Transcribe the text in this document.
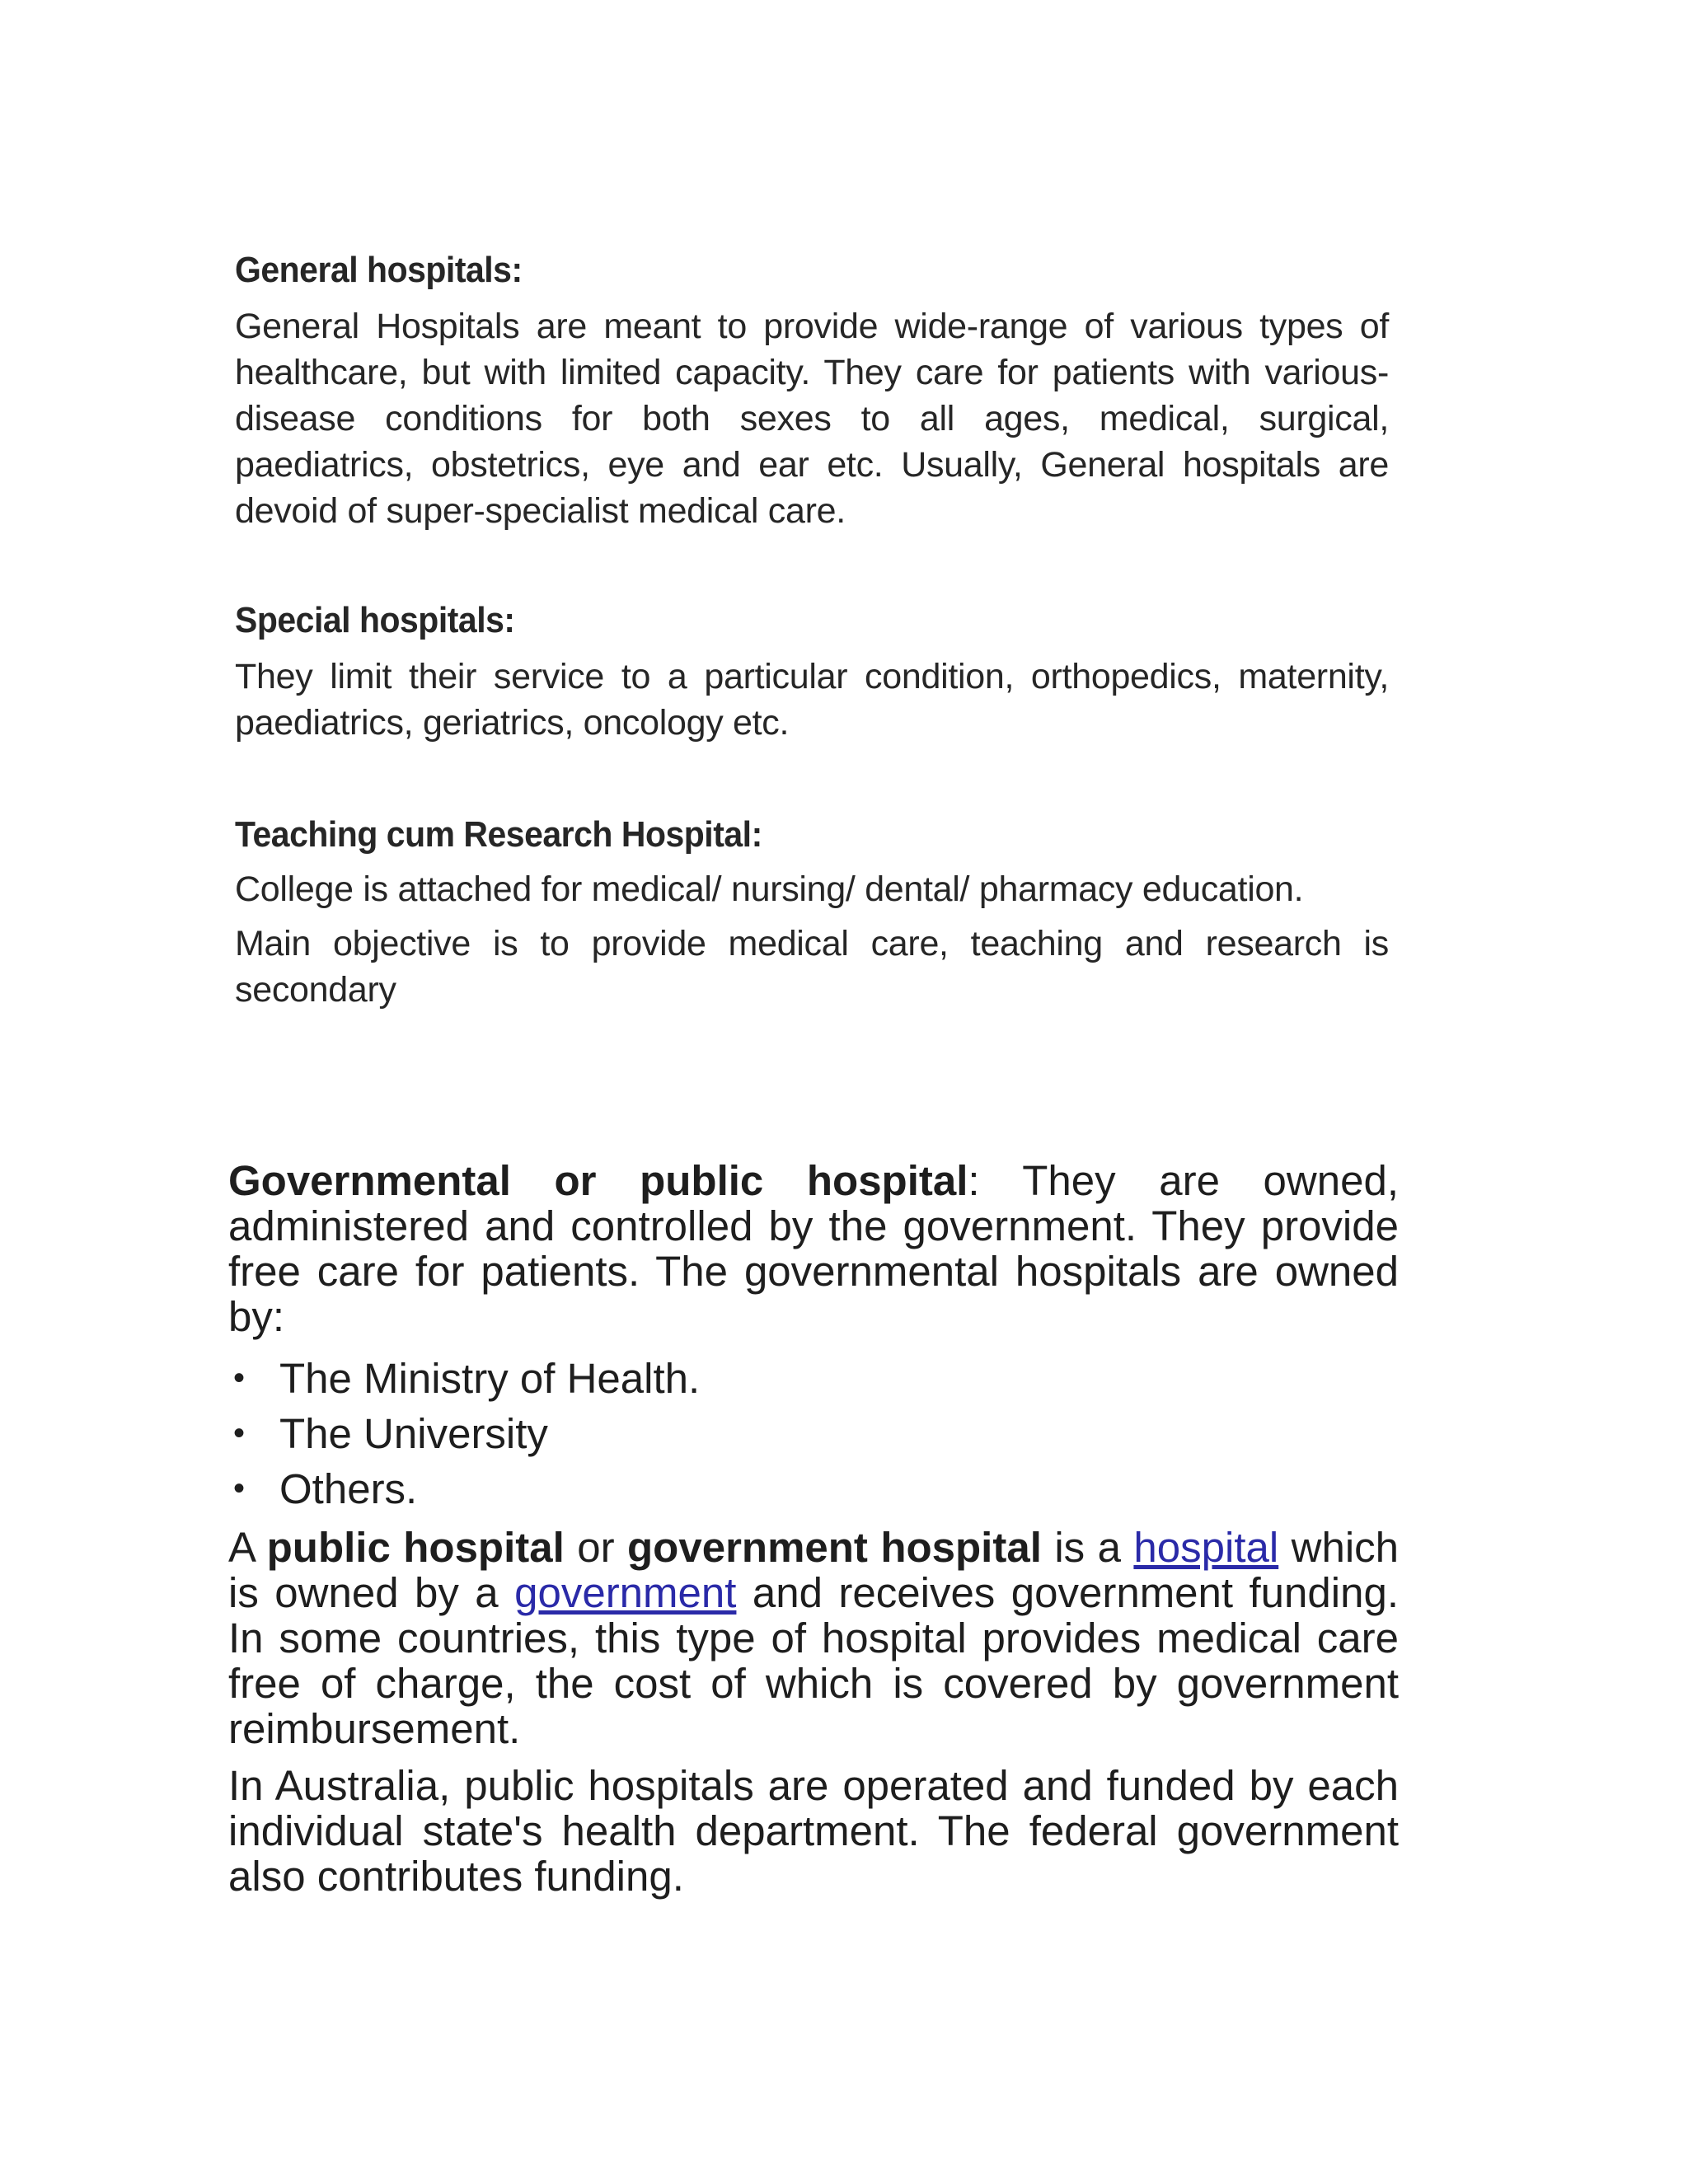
General hospitals:

General Hospitals are meant to provide wide-range of various types of healthcare, but with limited capacity. They care for patients with various-disease conditions for both sexes to all ages, medical, surgical, paediatrics, obstetrics, eye and ear etc. Usually, General hospitals are devoid of super-specialist medical care.

Special hospitals:

They limit their service to a particular condition, orthopedics, maternity, paediatrics, geriatrics, oncology etc.

Teaching cum Research Hospital:

College is attached for medical/ nursing/ dental/ pharmacy education.

Main objective is to provide medical care, teaching and research is secondary

Governmental or public hospital: They are owned, administered and controlled by the government. They provide free care for patients. The governmental hospitals are owned by:

• The Ministry of Health.
• The University
• Others.

A public hospital or government hospital is a hospital which is owned by a government and receives government funding. In some countries, this type of hospital provides medical care free of charge, the cost of which is covered by government reimbursement.

In Australia, public hospitals are operated and funded by each individual state's health department. The federal government also contributes funding.
